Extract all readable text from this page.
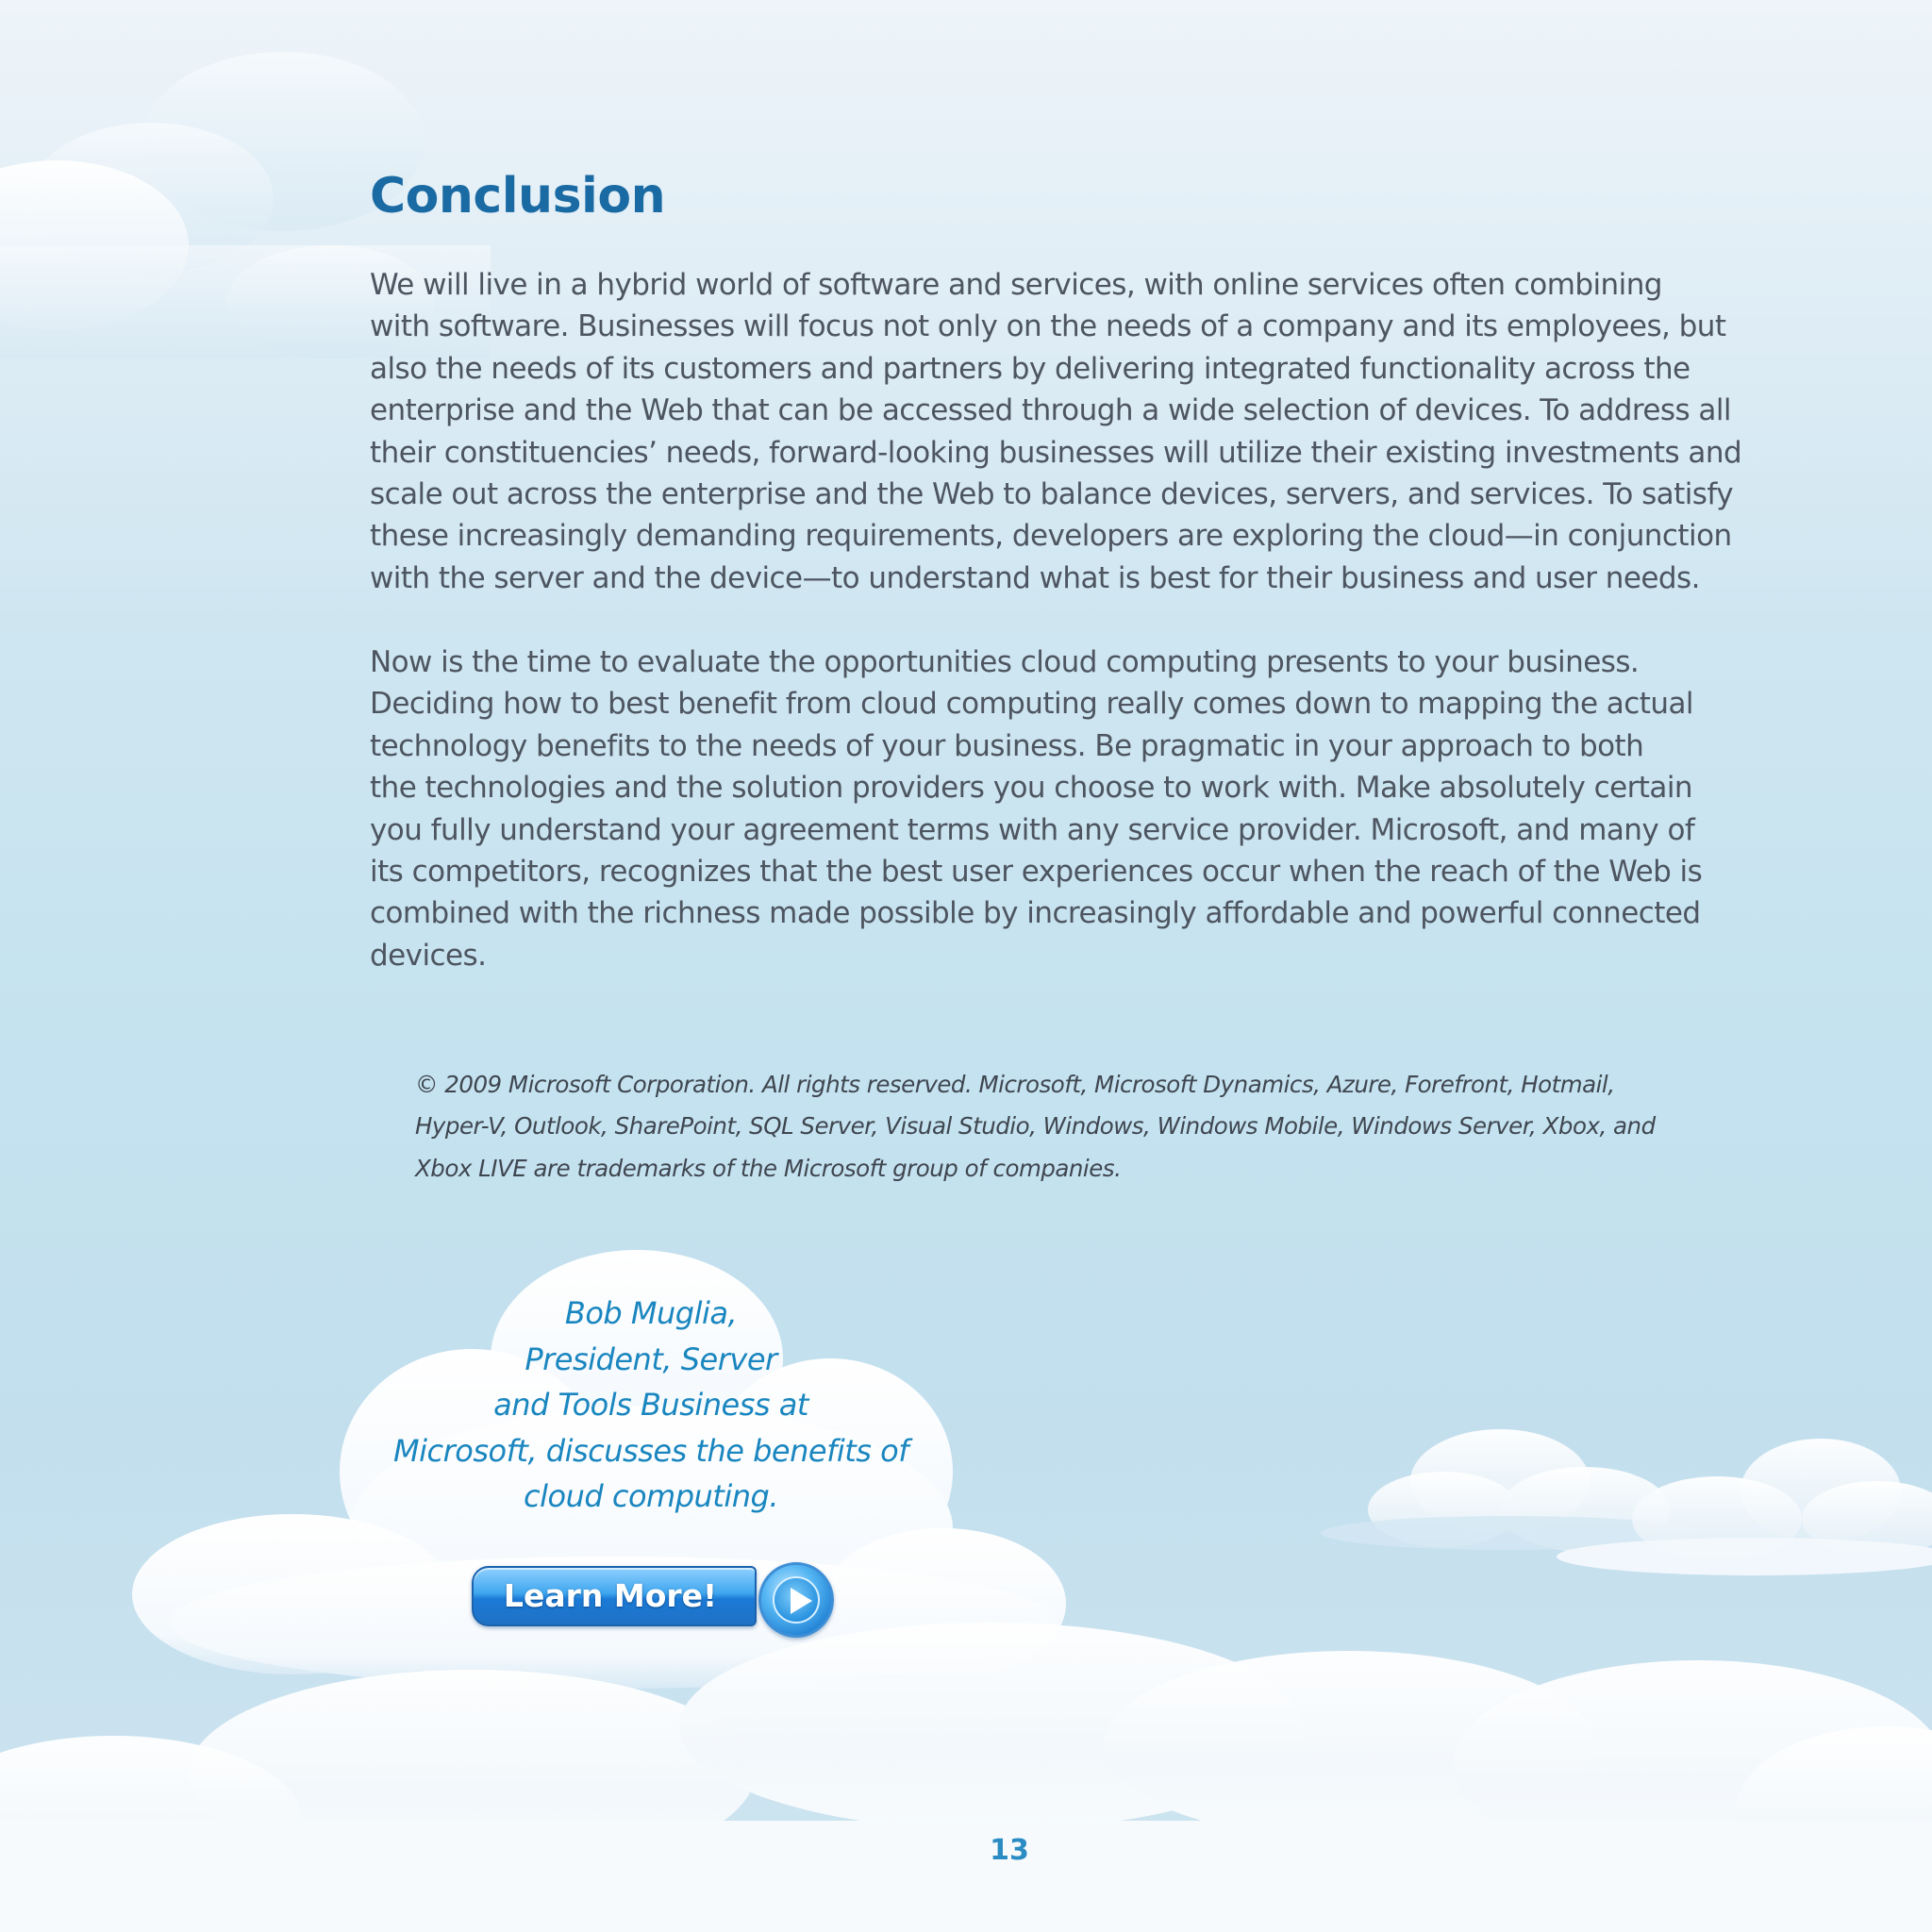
Conclusion

We will live in a hybrid world of software and services, with online services often combining
with software. Businesses will focus not only on the needs of a company and its employees, but
also the needs of its customers and partners by delivering integrated functionality across the
enterprise and the Web that can be accessed through a wide selection of devices. To address all
their constituencies’ needs, forward-looking businesses will utilize their existing investments and
scale out across the enterprise and the Web to balance devices, servers, and services. To satisfy
these increasingly demanding requirements, developers are exploring the cloud—in conjunction
with the server and the device—to understand what is best for their business and user needs.

Now is the time to evaluate the opportunities cloud computing presents to your business.
Deciding how to best benefit from cloud computing really comes down to mapping the actual
technology benefits to the needs of your business. Be pragmatic in your approach to both
the technologies and the solution providers you choose to work with. Make absolutely certain
you fully understand your agreement terms with any service provider. Microsoft, and many of
its competitors, recognizes that the best user experiences occur when the reach of the Web is
combined with the richness made possible by increasingly affordable and powerful connected
devices.

© 2009 Microsoft Corporation. All rights reserved. Microsoft, Microsoft Dynamics, Azure, Forefront, Hotmail,
Hyper-V, Outlook, SharePoint, SQL Server, Visual Studio, Windows, Windows Mobile, Windows Server, Xbox, and
Xbox LIVE are trademarks of the Microsoft group of companies.

Bob Muglia,
President, Server
and Tools Business at
Microsoft, discusses the benefits of
cloud computing.

Learn More!
13
